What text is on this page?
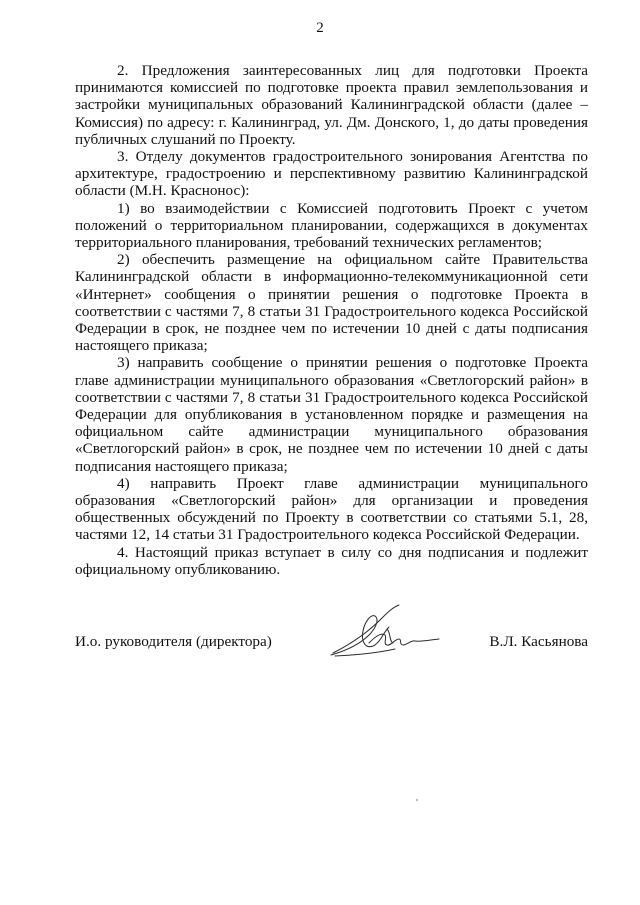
2

2. Предложения заинтересованных лиц для подготовки Проекта принимаются комиссией по подготовке проекта правил землепользования и застройки муниципальных образований Калининградской области (далее – Комиссия) по адресу: г. Калининград, ул. Дм. Донского, 1, до даты проведения публичных слушаний по Проекту.

3. Отделу документов градостроительного зонирования Агентства по архитектуре, градостроению и перспективному развитию Калининградской области (М.Н. Краснонос):

1) во взаимодействии с Комиссией подготовить Проект с учетом положений о территориальном планировании, содержащихся в документах территориального планирования, требований технических регламентов;

2) обеспечить размещение на официальном сайте Правительства Калининградской области в информационно-телекоммуникационной сети «Интернет» сообщения о принятии решения о подготовке Проекта в соответствии с частями 7, 8 статьи 31 Градостроительного кодекса Российской Федерации в срок, не позднее чем по истечении 10 дней с даты подписания настоящего приказа;

3) направить сообщение о принятии решения о подготовке Проекта главе администрации муниципального образования «Светлогорский район» в соответствии с частями 7, 8 статьи 31 Градостроительного кодекса Российской Федерации для опубликования в установленном порядке и размещения на официальном сайте администрации муниципального образования «Светлогорский район» в срок, не позднее чем по истечении 10 дней с даты подписания настоящего приказа;

4) направить Проект главе администрации муниципального образования «Светлогорский район» для организации и проведения общественных обсуждений по Проекту в соответствии со статьями 5.1, 28, частями 12, 14 статьи 31 Градостроительного кодекса Российской Федерации.

4. Настоящий приказ вступает в силу со дня подписания и подлежит официальному опубликованию.

И.о. руководителя (директора)	В.Л. Касьянова
